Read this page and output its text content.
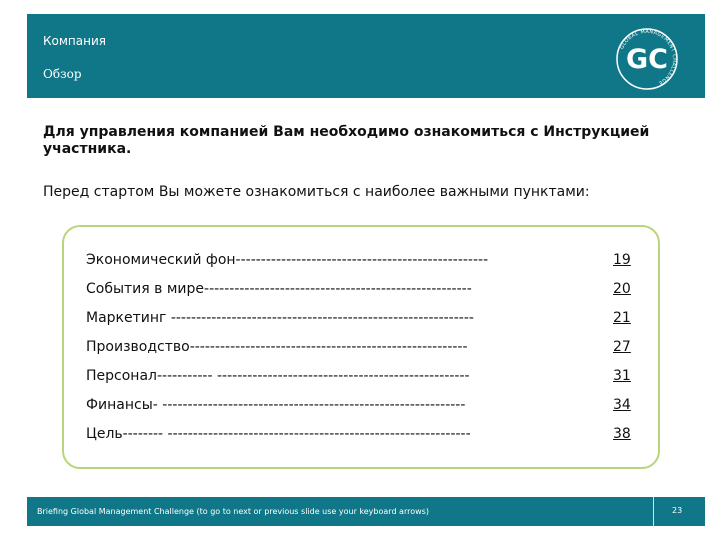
Компания
Обзор	GC
GLOBAL MANAGEMENT CHALLENGE
Для управления компанией Вам необходимо ознакомиться с Инструкцией участника.
Перед стартом Вы можете ознакомиться с наиболее важными пунктами:
Экономический фон--------------------------------------------------	19
События в мире-----------------------------------------------------	20
Маркетинг ------------------------------------------------------------	21
Производство-------------------------------------------------------	27
Персонал----------- --------------------------------------------------	31
Финансы- ------------------------------------------------------------	34
Цель-------- ------------------------------------------------------------	38
Briefing Global Management Challenge (to go to next or previous slide use your keyboard arrows)	23
